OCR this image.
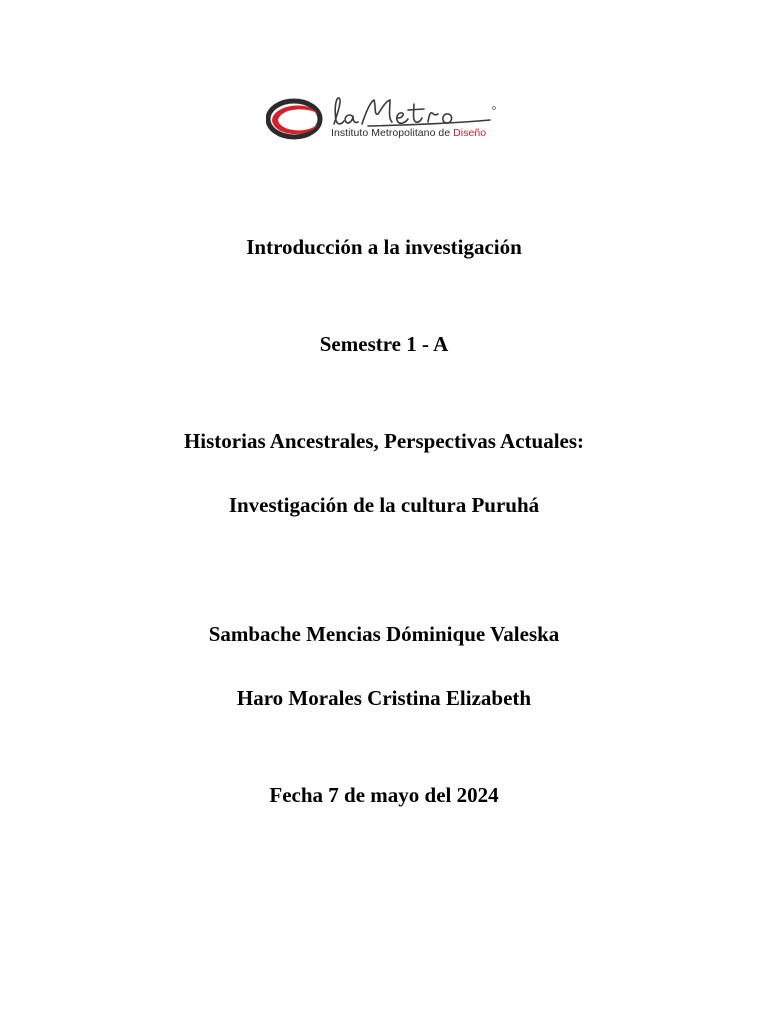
Instituto Metropolitano de Diseño
Introducción a la investigación
Semestre 1 - A
Historias Ancestrales, Perspectivas Actuales:
Investigación de la cultura Puruhá
Sambache Mencias Dóminique Valeska
Haro Morales Cristina Elizabeth
Fecha 7 de mayo del 2024
